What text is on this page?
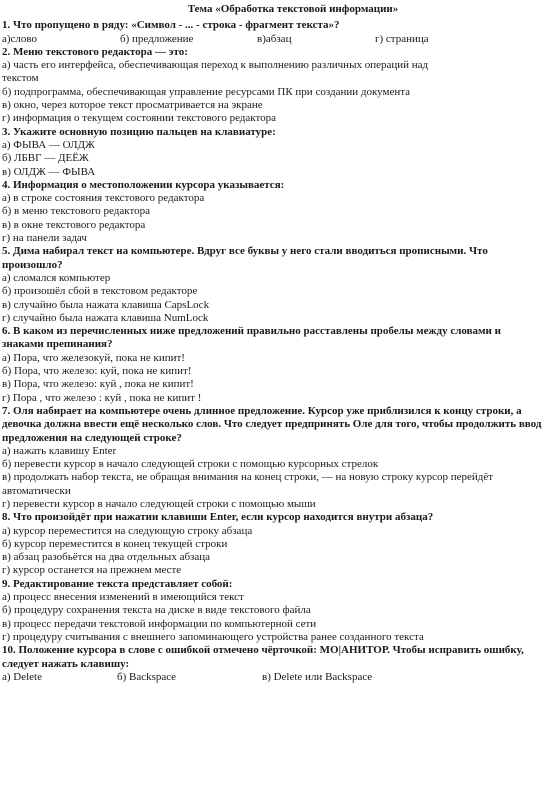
Тема «Обработка текстовой информации»
1. Что пропущено в ряду: «Символ - ... - строка - фрагмент текста»?
а)слово	б) предложение	в)абзац	г) страница
2. Меню текстового редактора — это:
а) часть его интерфейса, обеспечивающая переход к выполнению различных операций над
текстом
б) подпрограмма, обеспечивающая управление ресурсами ПК при создании документа
в) окно, через которое текст просматривается на экране
г) информация о текущем состоянии текстового редактора
3. Укажите основную позицию пальцев на клавиатуре:
а) ФЫВА — ОЛДЖ
б) ЛБВГ — ДЕЁЖ
в) ОЛДЖ — ФЫВА
4. Информация о местоположении курсора указывается:
а) в строке состояния текстового редактора
б) в меню текстового редактора
в) в окне текстового редактора
г) на панели задач
5. Дима набирал текст на компьютере. Вдруг все буквы у него стали вводиться прописными. Что произошло?
а) сломался компьютер
б) произошёл сбой в текстовом редакторе
в) случайно была нажата клавиша CapsLock
г) случайно была нажата клавиша NumLock
6. В каком из перечисленных ниже предложений правильно расставлены пробелы между словами и знаками препинания?
а) Пора, что железокуй, пока не кипит!
б) Пора, что железо: куй, пока не кипит!
в) Пора, что железо: куй , пока не кипит!
г) Пора , что железо : куй , пока не кипит !
7. Оля набирает на компьютере очень длинное предложение. Курсор уже приблизился к концу строки, а девочка должна ввести ещё несколько слов. Что следует предпринять Оле для того, чтобы продолжить ввод предложения на следующей строке?
а) нажать клавишу Enter
б) перевести курсор в начало следующей строки с помощью курсорных стрелок
в) продолжать набор текста, не обращая внимания на конец строки, — на новую строку курсор перейдёт автоматически
г) перевести курсор в начало следующей строки с помощью мыши
8. Что произойдёт при нажатии клавиши Enter, если курсор находится внутри абзаца?
а) курсор переместится на следующую строку абзаца
б) курсор переместится в конец текущей строки
в) абзац разобьётся на два отдельных абзаца
г) курсор останется на прежнем месте
9. Редактирование текста представляет собой:
а) процесс внесения изменений в имеющийся текст
б) процедуру сохранения текста на диске в виде текстового файла
в) процесс передачи текстовой информации по компьютерной сети
г) процедуру считывания с внешнего запоминающего устройства ранее созданного текста
10. Положение курсора в слове с ошибкой отмечено чёрточкой: МО|АНИТОР. Чтобы исправить ошибку, следует нажать клавишу:
а) Delete	б) Backspace	в) Delete или Backspace
